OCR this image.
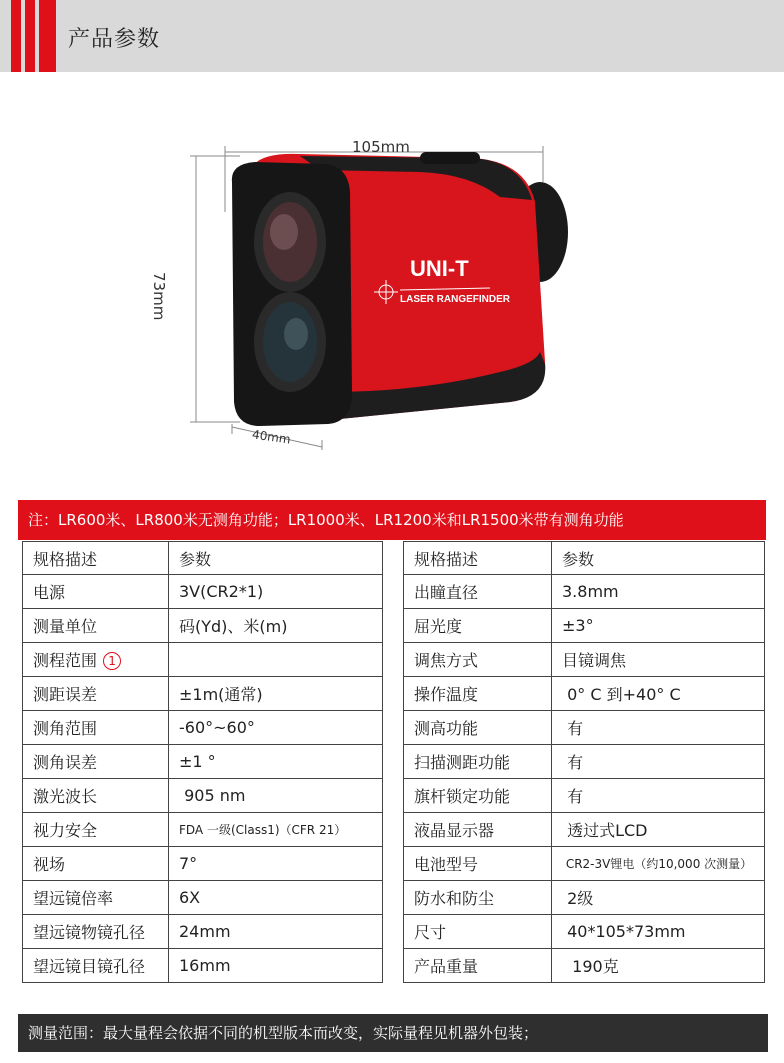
产品参数
105mm
73mm
40mm
UNI-T
LASER RANGEFINDER
注：LR600米、LR800米无测角功能；LR1000米、LR1200米和LR1500米带有测角功能
规格描述	参数
电源	3V(CR2*1)
测量单位	码(Yd)、米(m)
测程范围 1	
测距误差	±1m(通常)
测角范围	-60°~60°
测角误差	±1 °
激光波长	905 nm
视力安全	FDA 一级(Class1)（CFR 21）
视场	7°
望远镜倍率	6X
望远镜物镜孔径	24mm
望远镜目镜孔径	16mm
规格描述	参数
出瞳直径	3.8mm
屈光度	±3°
调焦方式	目镜调焦
操作温度	0° C 到+40° C
测高功能	有
扫描测距功能	有
旗杆锁定功能	有
液晶显示器	透过式LCD
电池型号	CR2-3V锂电（约10,000 次测量）
防水和防尘	2级
尺寸	40*105*73mm
产品重量	190克
测量范围：最大量程会依据不同的机型版本而改变，实际量程见机器外包装；
